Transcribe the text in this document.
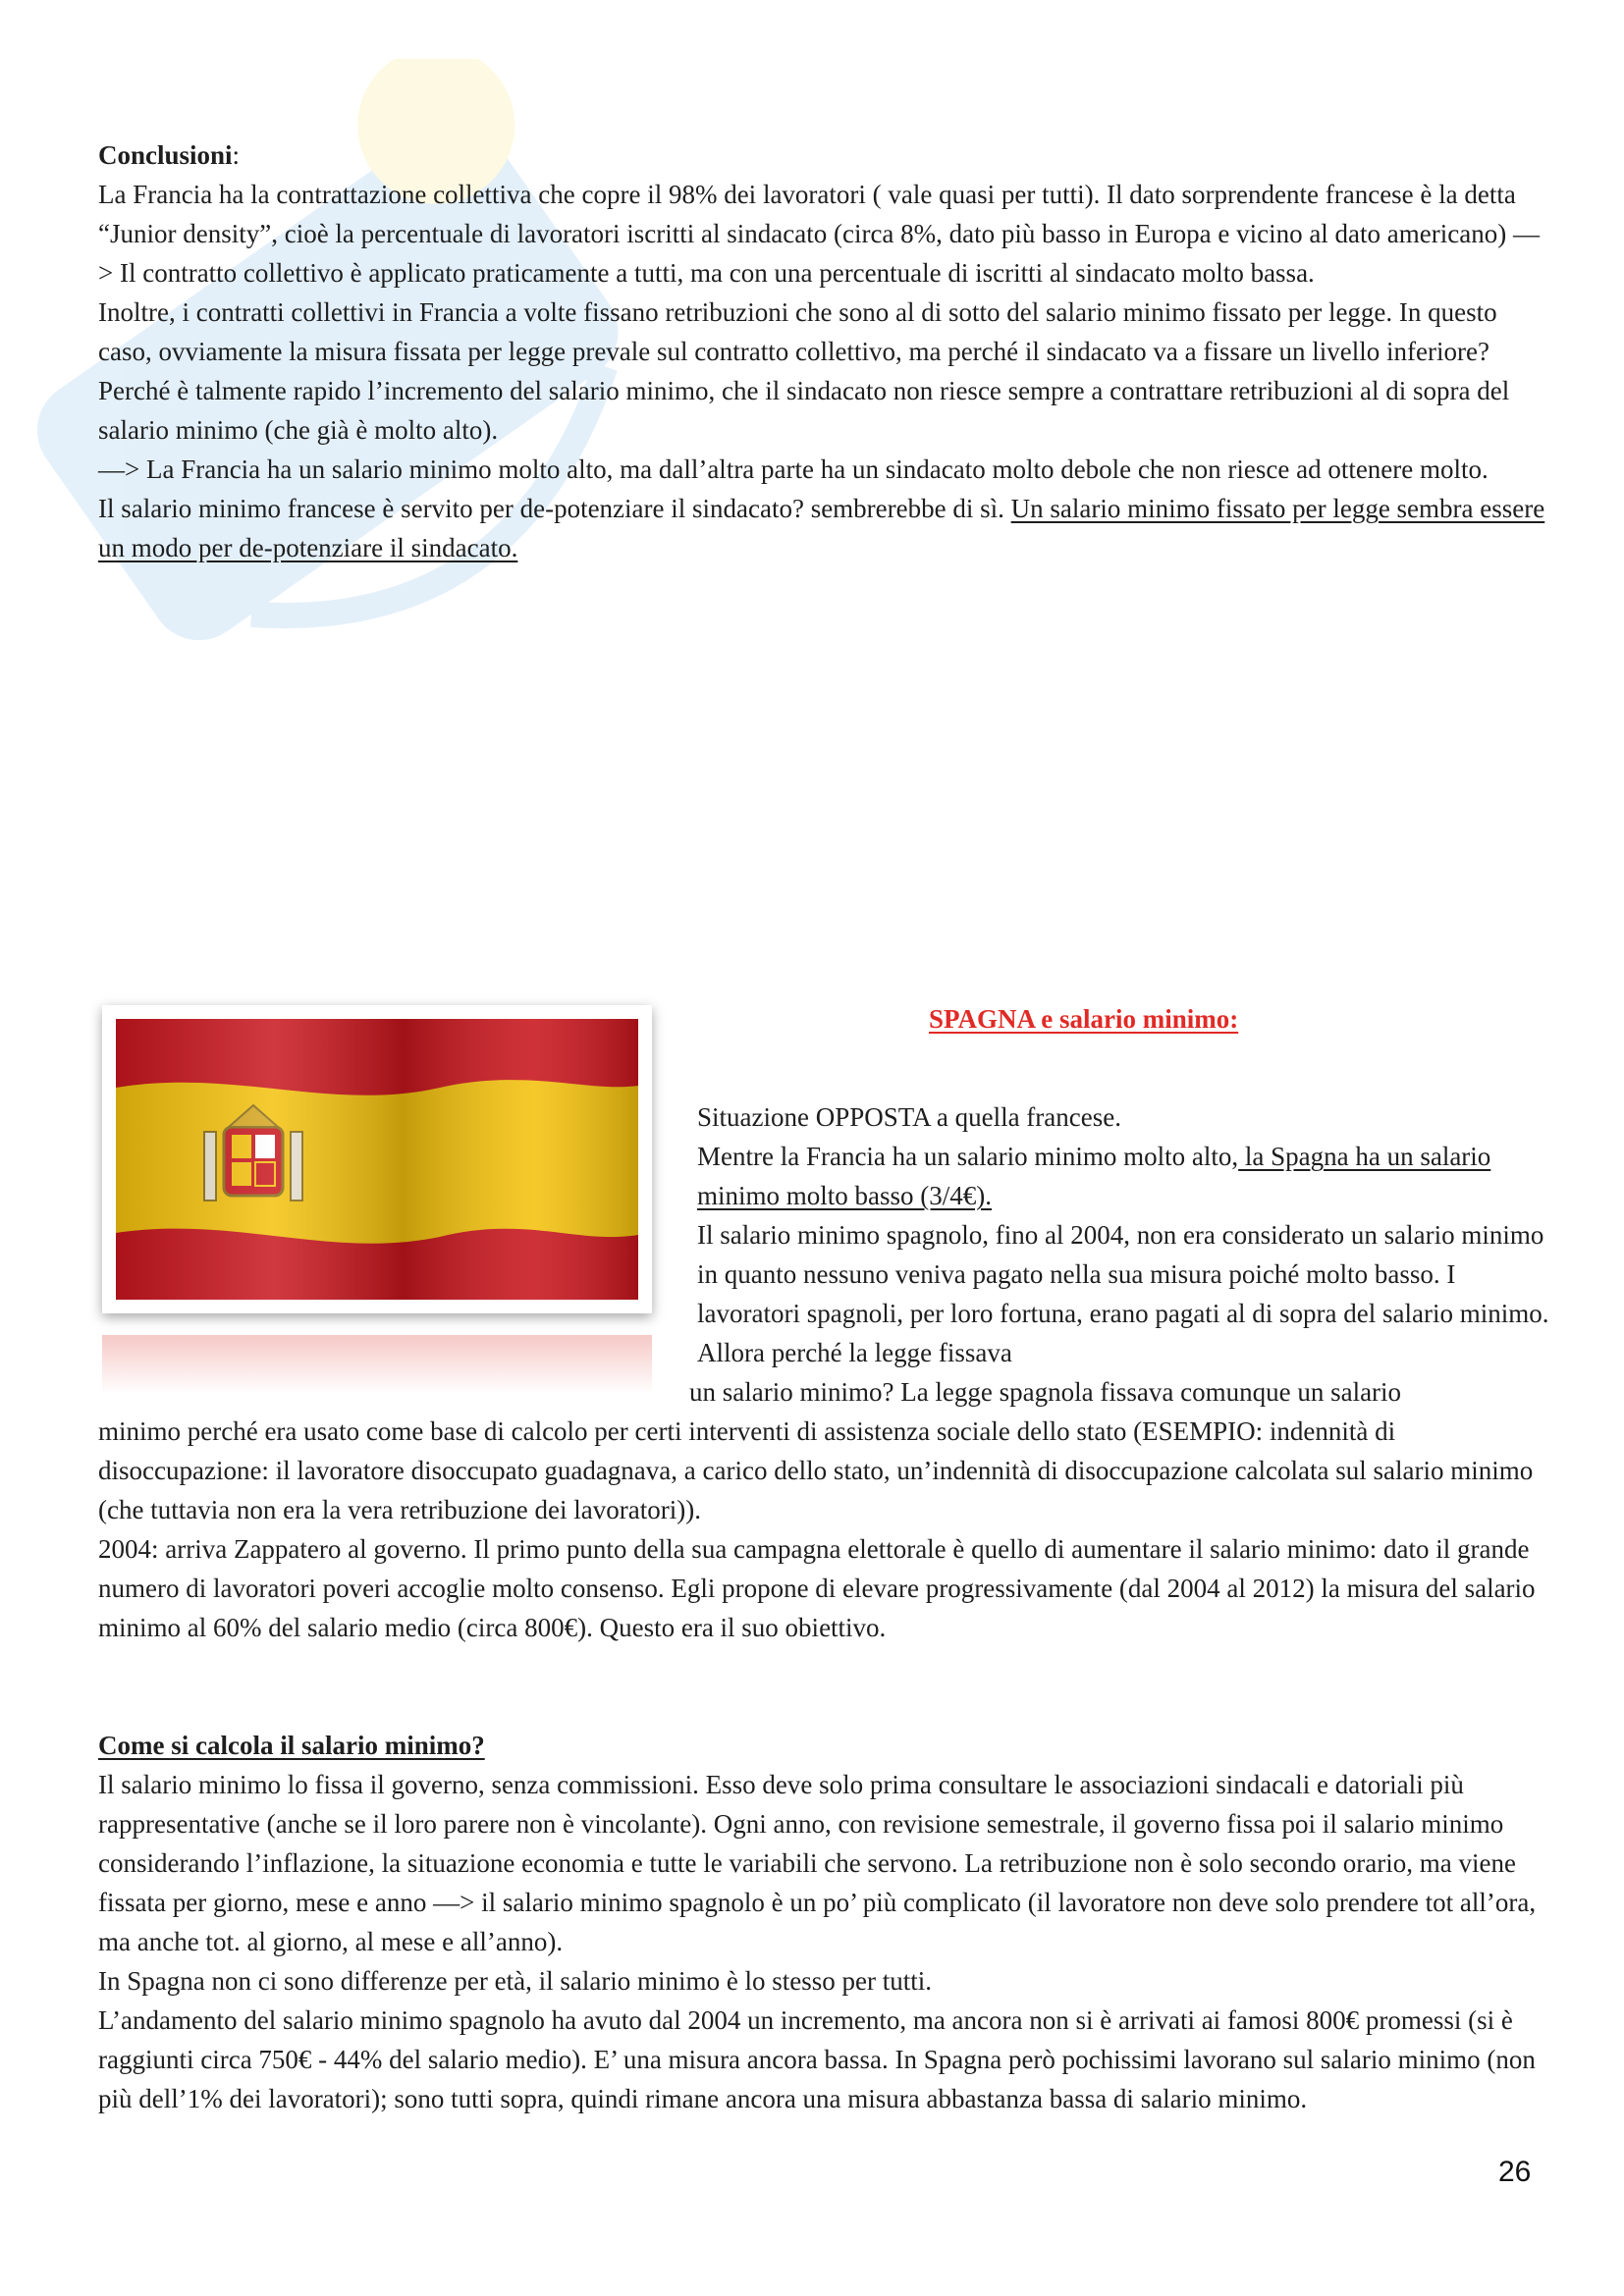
Conclusioni:

La Francia ha la contrattazione collettiva che copre il 98% dei lavoratori ( vale quasi per tutti). Il dato sorprendente francese è la detta “Junior density”, cioè la percentuale di lavoratori iscritti al sindacato (circa 8%, dato più basso in Europa e vicino al dato americano) —> Il contratto collettivo è applicato praticamente a tutti, ma con una percentuale di iscritti al sindacato molto bassa.

Inoltre, i contratti collettivi in Francia a volte fissano retribuzioni che sono al di sotto del salario minimo fissato per legge. In questo caso, ovviamente la misura fissata per legge prevale sul contratto collettivo, ma perché il sindacato va a fissare un livello inferiore? Perché è talmente rapido l’incremento del salario minimo, che il sindacato non riesce sempre a contrattare retribuzioni al di sopra del salario minimo (che già è molto alto).

—> La Francia ha un salario minimo molto alto, ma dall’altra parte ha un sindacato molto debole che non riesce ad ottenere molto.

Il salario minimo francese è servito per de-potenziare il sindacato? sembrerebbe di sì. Un salario minimo fissato per legge sembra essere un modo per de-potenziare il sindacato.

SPAGNA e salario minimo:

Situazione OPPOSTA a quella francese.

Mentre la Francia ha un salario minimo molto alto, la Spagna ha un salario minimo molto basso (3/4€).

Il salario minimo spagnolo, fino al 2004, non era considerato un salario minimo in quanto nessuno veniva pagato nella sua misura poiché molto basso. I lavoratori spagnoli, per loro fortuna, erano pagati al di sopra del salario minimo. Allora perché la legge fissava

un salario minimo? La legge spagnola fissava comunque un salario

minimo perché era usato come base di calcolo per certi interventi di assistenza sociale dello stato (ESEMPIO: indennità di disoccupazione: il lavoratore disoccupato guadagnava, a carico dello stato, un’indennità di disoccupazione calcolata sul salario minimo (che tuttavia non era la vera retribuzione dei lavoratori)).

2004: arriva Zappatero al governo. Il primo punto della sua campagna elettorale è quello di aumentare il salario minimo: dato il grande numero di lavoratori poveri accoglie molto consenso. Egli propone di elevare progressivamente (dal 2004 al 2012) la misura del salario minimo al 60% del salario medio (circa 800€). Questo era il suo obiettivo.

Come si calcola il salario minimo?

Il salario minimo lo fissa il governo, senza commissioni. Esso deve solo prima consultare le associazioni sindacali e datoriali più rappresentative (anche se il loro parere non è vincolante). Ogni anno, con revisione semestrale, il governo fissa poi il salario minimo considerando l’inflazione, la situazione economia e tutte le variabili che servono. La retribuzione non è solo secondo orario, ma viene fissata per giorno, mese e anno —> il salario minimo spagnolo è un po’ più complicato (il lavoratore non deve solo prendere tot all’ora, ma anche tot. al giorno, al mese e all’anno).

In Spagna non ci sono differenze per età, il salario minimo è lo stesso per tutti.

L’andamento del salario minimo spagnolo ha avuto dal 2004 un incremento, ma ancora non si è arrivati ai famosi 800€ promessi (si è raggiunti circa 750€ - 44% del salario medio). E’ una misura ancora bassa. In Spagna però pochissimi lavorano sul salario minimo (non più dell’1% dei lavoratori); sono tutti sopra, quindi rimane ancora una misura abbastanza bassa di salario minimo.

26
